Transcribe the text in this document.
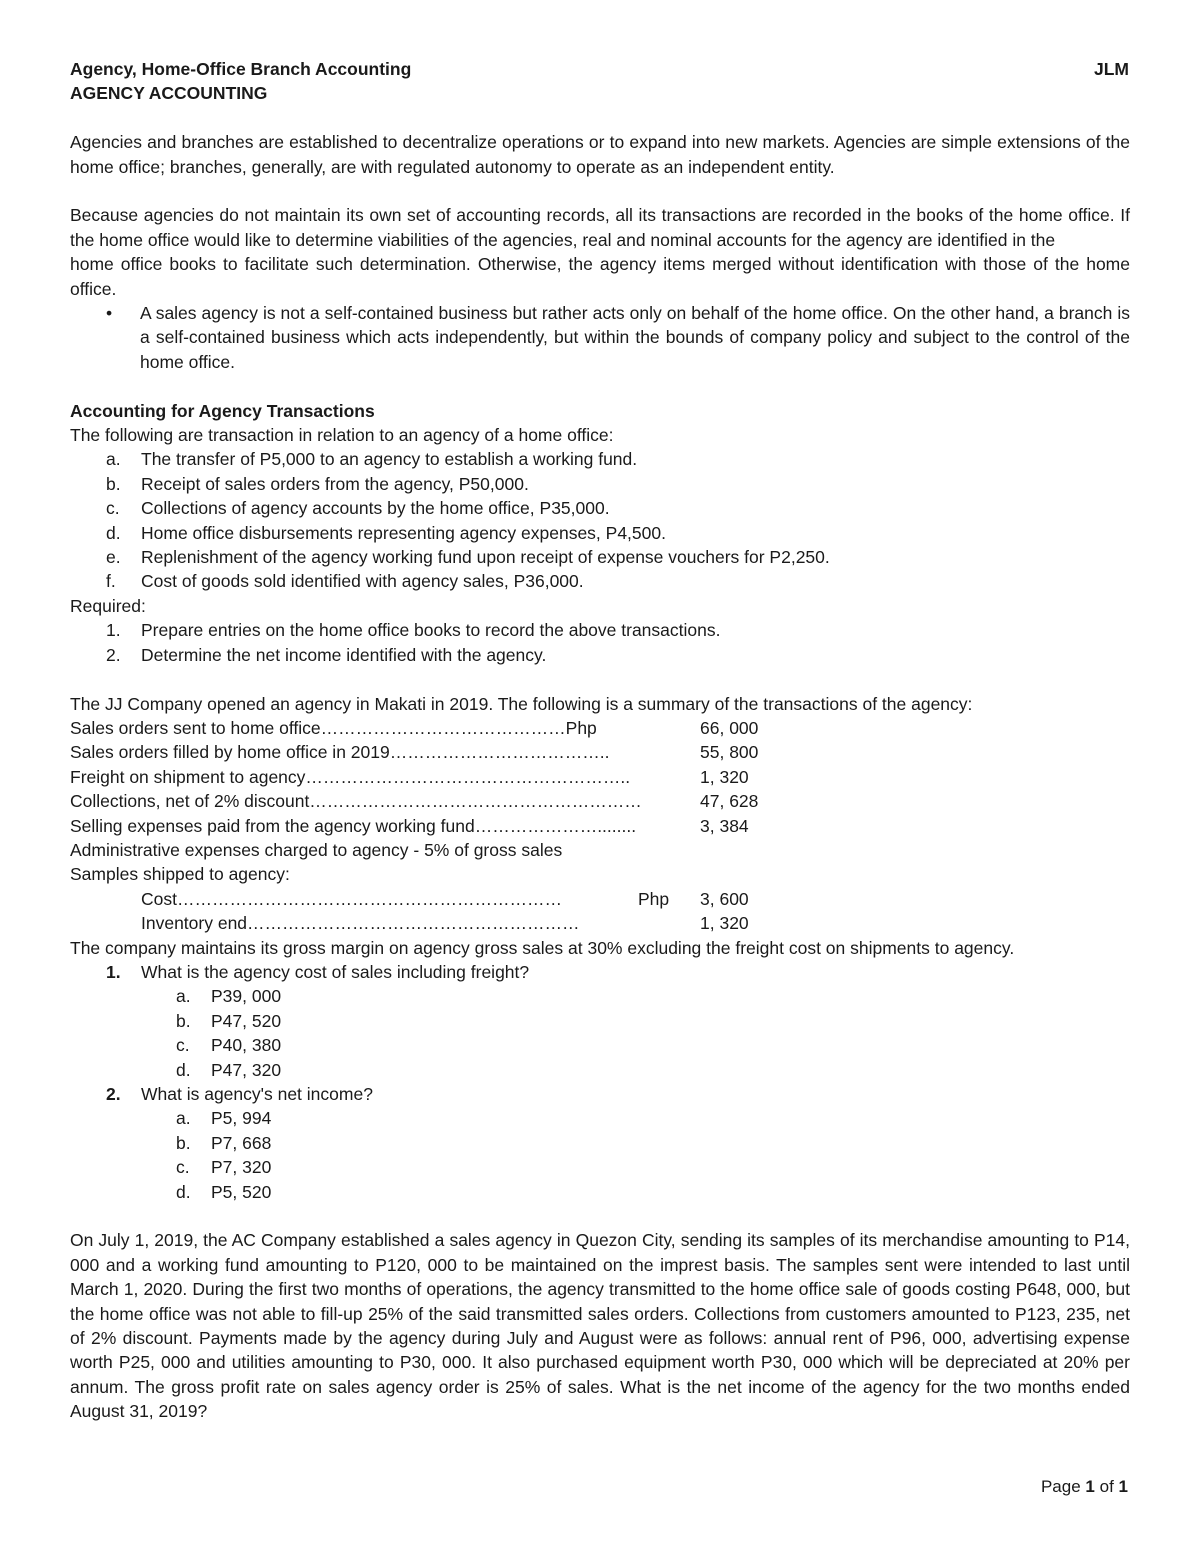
Agency, Home-Office Branch Accounting	JLM
AGENCY ACCOUNTING

Agencies and branches are established to decentralize operations or to expand into new markets. Agencies are simple extensions of the home office; branches, generally, are with regulated autonomy to operate as an independent entity.

Because agencies do not maintain its own set of accounting records, all its transactions are recorded in the books of the home office. If the home office would like to determine viabilities of the agencies, real and nominal accounts for the agency are identified in the

home office books to facilitate such determination. Otherwise, the agency items merged without identification with those of the home office.

• A sales agency is not a self-contained business but rather acts only on behalf of the home office. On the other hand, a branch is a self-contained business which acts independently, but within the bounds of company policy and subject to the control of the home office.
Accounting for Agency Transactions

The following are transaction in relation to an agency of a home office:

a.	The transfer of P5,000 to an agency to establish a working fund.
b.	Receipt of sales orders from the agency, P50,000.
c.	Collections of agency accounts by the home office, P35,000.
d.	Home office disbursements representing agency expenses, P4,500.
e.	Replenishment of the agency working fund upon receipt of expense vouchers for P2,250.
f.	Cost of goods sold identified with agency sales, P36,000.

Required:

1.	Prepare entries on the home office books to record the above transactions.
2.	Determine the net income identified with the agency.

The JJ Company opened an agency in Makati in 2019. The following is a summary of the transactions of the agency:

Sales orders sent to home office……………………………………Php	66, 000
Sales orders filled by home office in 2019………………………………..	55, 800
Freight on shipment to agency………………………………………………..	1, 320
Collections, net of 2% discount…………………………………………………	47, 628
Selling expenses paid from the agency working fund…………………........	3, 384

Administrative expenses charged to agency - 5% of gross sales

Samples shipped to agency:

Cost…………………………………………………………	Php	3, 600
Inventory end…………………………………………………	1, 320

The company maintains its gross margin on agency gross sales at 30% excluding the freight cost on shipments to agency.

1.	What is the agency cost of sales including freight?
a.	P39, 000
b.	P47, 520
c.	P40, 380
d.	P47, 320
2.	What is agency's net income?
a.	P5, 994
b.	P7, 668
c.	P7, 320
d.	P5, 520

On July 1, 2019, the AC Company established a sales agency in Quezon City, sending its samples of its merchandise amounting to P14, 000 and a working fund amounting to P120, 000 to be maintained on the imprest basis. The samples sent were intended to last until March 1, 2020. During the first two months of operations, the agency transmitted to the home office sale of goods costing P648, 000, but the home office was not able to fill-up 25% of the said transmitted sales orders. Collections from customers amounted to P123, 235, net of 2% discount. Payments made by the agency during July and August were as follows: annual rent of P96, 000, advertising expense worth P25, 000 and utilities amounting to P30, 000. It also purchased equipment worth P30, 000 which will be depreciated at 20% per annum. The gross profit rate on sales agency order is 25% of sales. What is the net income of the agency for the two months ended August 31, 2019?

Page 1 of 1
